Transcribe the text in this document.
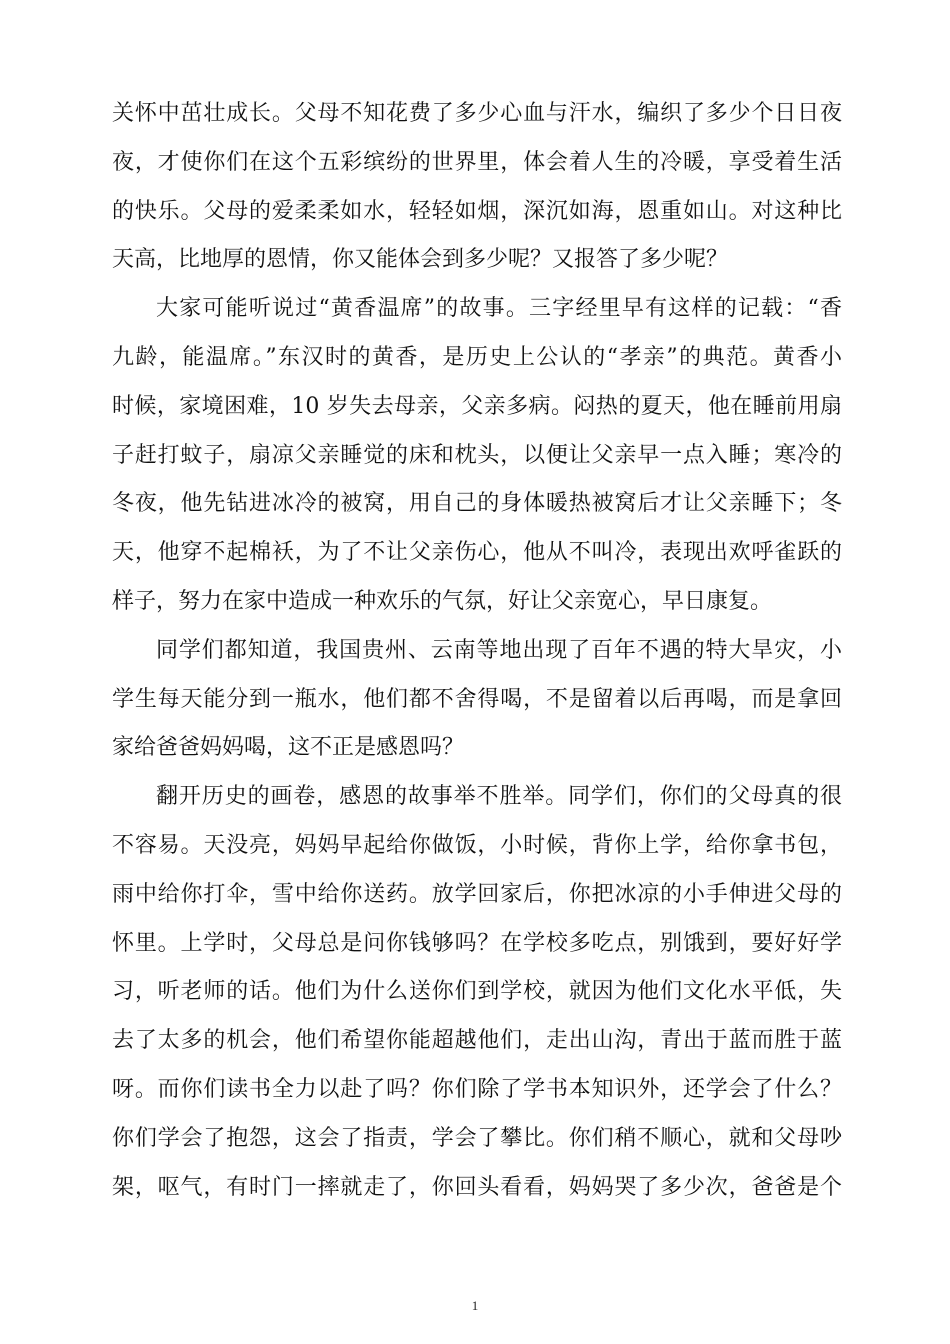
关怀中茁壮成长。父母不知花费了多少心血与汗水，编织了多少个日日夜
夜，才使你们在这个五彩缤纷的世界里，体会着人生的冷暖，享受着生活
的快乐。父母的爱柔柔如水，轻轻如烟，深沉如海，恩重如山。对这种比
天高，比地厚的恩情，你又能体会到多少呢？又报答了多少呢？
大家可能听说过“黄香温席”的故事。三字经里早有这样的记载：“香
九龄，能温席。”东汉时的黄香，是历史上公认的“孝亲”的典范。黄香小
时候，家境困难，10 岁失去母亲，父亲多病。闷热的夏天，他在睡前用扇
子赶打蚊子，扇凉父亲睡觉的床和枕头，以便让父亲早一点入睡；寒冷的
冬夜，他先钻进冰冷的被窝，用自己的身体暖热被窝后才让父亲睡下；冬
天，他穿不起棉袄，为了不让父亲伤心，他从不叫冷，表现出欢呼雀跃的
样子，努力在家中造成一种欢乐的气氛，好让父亲宽心，早日康复。
同学们都知道，我国贵州、云南等地出现了百年不遇的特大旱灾，小
学生每天能分到一瓶水，他们都不舍得喝，不是留着以后再喝，而是拿回
家给爸爸妈妈喝，这不正是感恩吗？
翻开历史的画卷，感恩的故事举不胜举。同学们，你们的父母真的很
不容易。天没亮，妈妈早起给你做饭，小时候，背你上学，给你拿书包，
雨中给你打伞，雪中给你送药。放学回家后，你把冰凉的小手伸进父母的
怀里。上学时，父母总是问你钱够吗？在学校多吃点，别饿到，要好好学
习，听老师的话。他们为什么送你们到学校，就因为他们文化水平低，失
去了太多的机会，他们希望你能超越他们，走出山沟，青出于蓝而胜于蓝
呀。而你们读书全力以赴了吗？你们除了学书本知识外，还学会了什么？
你们学会了抱怨，这会了指责，学会了攀比。你们稍不顺心，就和父母吵
架，呕气，有时门一摔就走了，你回头看看，妈妈哭了多少次，爸爸是个
1
